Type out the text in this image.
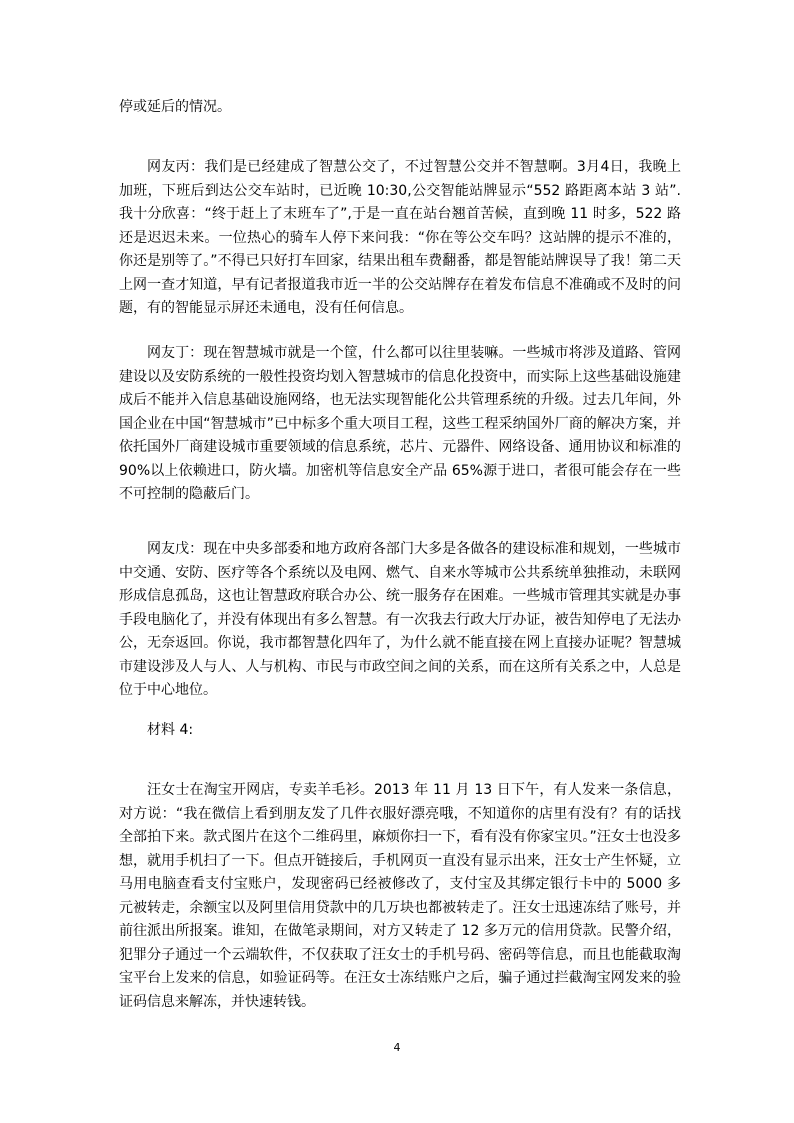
停或延后的情况。

网友丙：我们是已经建成了智慧公交了，不过智慧公交并不智慧啊。3月4日，我晚上加班，下班后到达公交车站时，已近晚 10:30,公交智能站牌显示“552 路距离本站 3 站”.我十分欣喜：“终于赶上了末班车了”,于是一直在站台翘首苦候，直到晚 11 时多，522 路还是迟迟未来。一位热心的骑车人停下来问我：“你在等公交车吗？这站牌的提示不准的，你还是别等了。”不得已只好打车回家，结果出租车费翻番，都是智能站牌误导了我！第二天上网一查才知道，早有记者报道我市近一半的公交站牌存在着发布信息不准确或不及时的问题，有的智能显示屏还未通电，没有任何信息。

网友丁：现在智慧城市就是一个筐，什么都可以往里装嘛。一些城市将涉及道路、管网建设以及安防系统的一般性投资均划入智慧城市的信息化投资中，而实际上这些基础设施建成后不能并入信息基础设施网络，也无法实现智能化公共管理系统的升级。过去几年间，外国企业在中国“智慧城市”已中标多个重大项目工程，这些工程采纳国外厂商的解决方案，并依托国外厂商建设城市重要领域的信息系统，芯片、元器件、网络设备、通用协议和标准的90%以上依赖进口，防火墙。加密机等信息安全产品 65%源于进口，者很可能会存在一些不可控制的隐蔽后门。

网友戊：现在中央多部委和地方政府各部门大多是各做各的建设标准和规划，一些城市中交通、安防、医疗等各个系统以及电网、燃气、自来水等城市公共系统单独推动，未联网形成信息孤岛，这也让智慧政府联合办公、统一服务存在困难。一些城市管理其实就是办事手段电脑化了，并没有体现出有多么智慧。有一次我去行政大厅办证，被告知停电了无法办公，无奈返回。你说，我市都智慧化四年了，为什么就不能直接在网上直接办证呢？智慧城市建设涉及人与人、人与机构、市民与市政空间之间的关系，而在这所有关系之中，人总是位于中心地位。

材料 4:

汪女士在淘宝开网店，专卖羊毛衫。2013 年 11 月 13 日下午，有人发来一条信息，对方说：“我在微信上看到朋友发了几件衣服好漂亮哦，不知道你的店里有没有？有的话找全部拍下来。款式图片在这个二维码里，麻烦你扫一下，看有没有你家宝贝。”汪女士也没多想，就用手机扫了一下。但点开链接后，手机网页一直没有显示出来，汪女士产生怀疑，立马用电脑查看支付宝账户，发现密码已经被修改了，支付宝及其绑定银行卡中的 5000 多元被转走，余额宝以及阿里信用贷款中的几万块也都被转走了。汪女士迅速冻结了账号，并前往派出所报案。谁知，在做笔录期间，对方又转走了 12 多万元的信用贷款。民警介绍，犯罪分子通过一个云端软件，不仅获取了汪女士的手机号码、密码等信息，而且也能截取淘宝平台上发来的信息，如验证码等。在汪女士冻结账户之后，骗子通过拦截淘宝网发来的验证码信息来解冻，并快速转钱。

4
